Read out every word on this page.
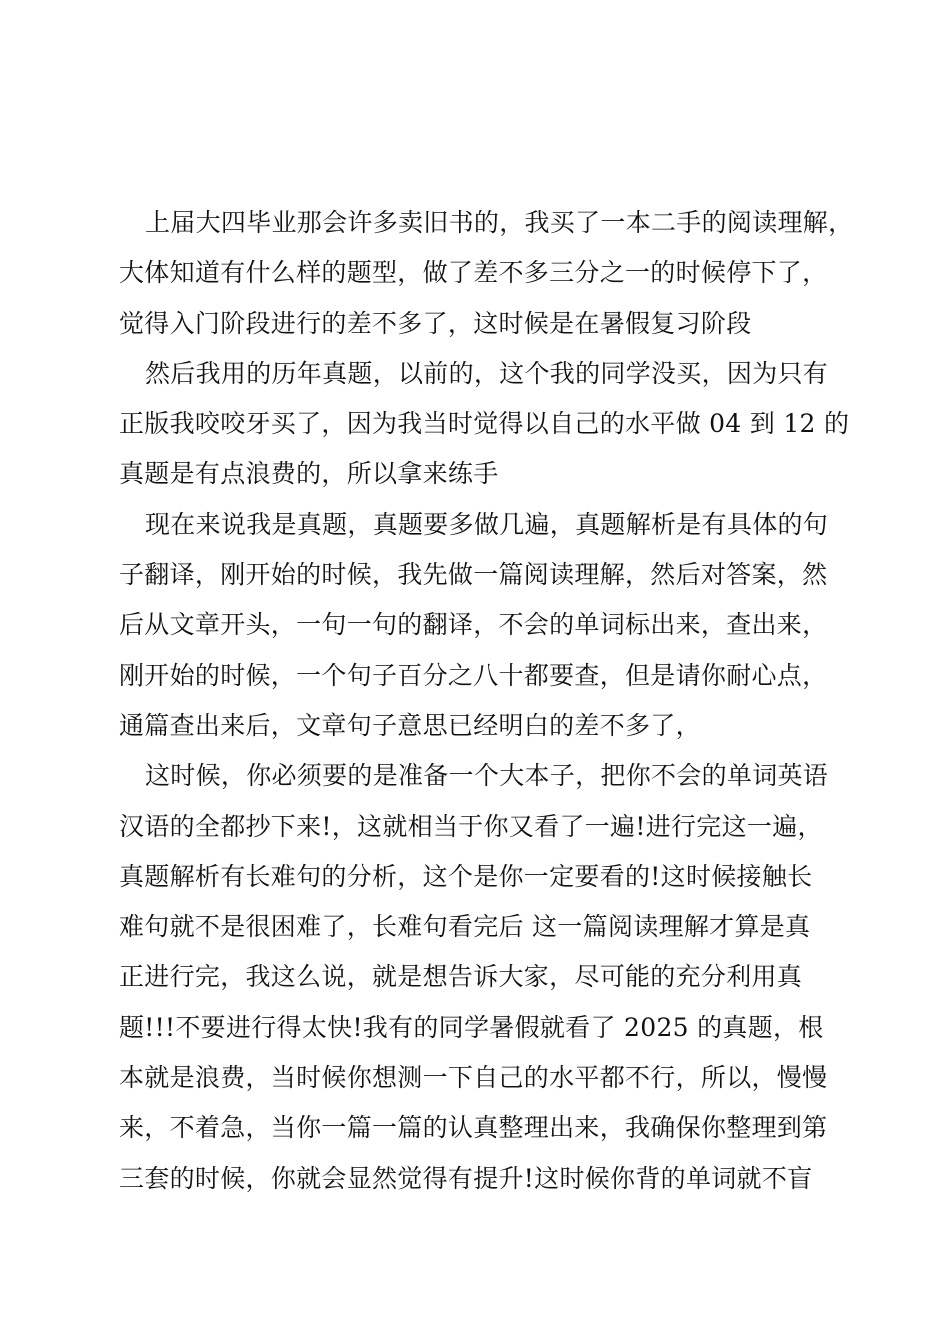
上届大四毕业那会许多卖旧书的，我买了一本二手的阅读理解，
大体知道有什么样的题型，做了差不多三分之一的时候停下了，
觉得入门阶段进行的差不多了，这时候是在暑假复习阶段
然后我用的历年真题，以前的，这个我的同学没买，因为只有
正版我咬咬牙买了，因为我当时觉得以自己的水平做 04 到 12 的
真题是有点浪费的，所以拿来练手
现在来说我是真题，真题要多做几遍，真题解析是有具体的句
子翻译，刚开始的时候，我先做一篇阅读理解，然后对答案，然
后从文章开头，一句一句的翻译，不会的单词标出来，查出来，
刚开始的时候，一个句子百分之八十都要查，但是请你耐心点，
通篇查出来后，文章句子意思已经明白的差不多了，
这时候，你必须要的是准备一个大本子，把你不会的单词英语
汉语的全都抄下来!，这就相当于你又看了一遍!进行完这一遍，
真题解析有长难句的分析，这个是你一定要看的!这时候接触长
难句就不是很困难了，长难句看完后 这一篇阅读理解才算是真
正进行完，我这么说，就是想告诉大家，尽可能的充分利用真
题!!!不要进行得太快!我有的同学暑假就看了 2025 的真题，根
本就是浪费，当时候你想测一下自己的水平都不行，所以，慢慢
来，不着急，当你一篇一篇的认真整理出来，我确保你整理到第
三套的时候，你就会显然觉得有提升!这时候你背的单词就不盲
